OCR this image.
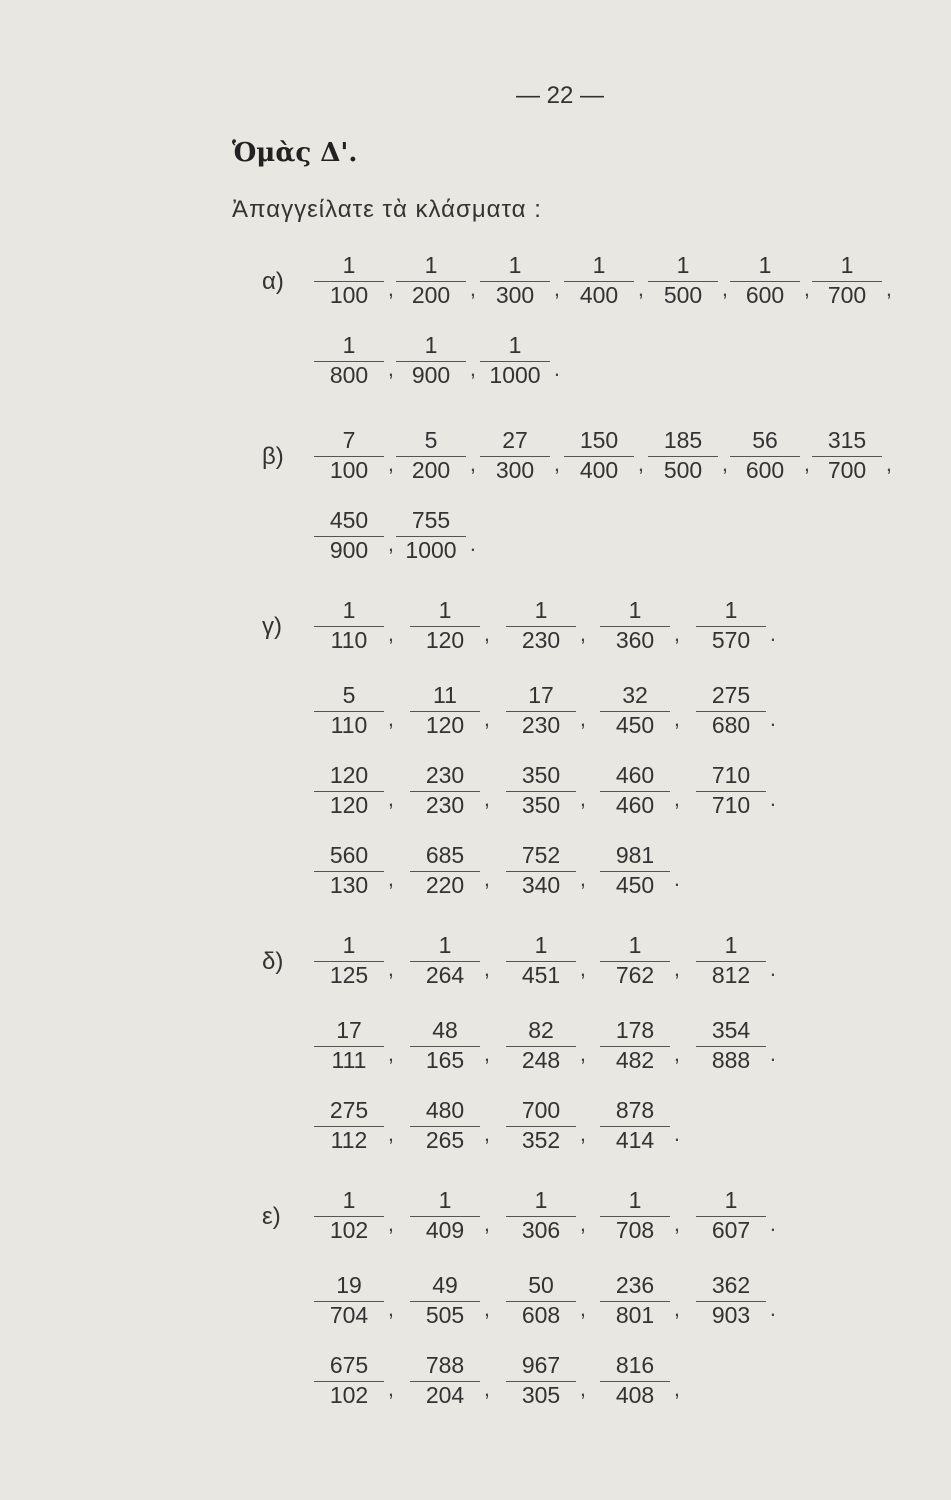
— 22 —
Ὁμὰς Δ'.
Ἀπαγγείλατε τὰ κλάσματα :
α)
1
100 ,
1
200 ,
1
300 ,
1
400 ,
1
500 ,
1
600 ,
1
700 ,
1
800 ,
1
900 ,
1
1000 .
β)
7
100 ,
5
200 ,
27
300 ,
150
400 ,
185
500 ,
56
600 ,
315
700 ,
450
900 ,
755
1000 .
γ)
1
110 ,
1
120 ,
1
230 ,
1
360 ,
1
570 .
5
110 ,
11
120 ,
17
230 ,
32
450 ,
275
680 .
120
120 ,
230
230 ,
350
350 ,
460
460 ,
710
710 .
560
130 ,
685
220 ,
752
340 ,
981
450 .
δ)
1
125 ,
1
264 ,
1
451 ,
1
762 ,
1
812 .
17
111 ,
48
165 ,
82
248 ,
178
482 ,
354
888 .
275
112 ,
480
265 ,
700
352 ,
878
414 .
ε)
1
102 ,
1
409 ,
1
306 ,
1
708 ,
1
607 .
19
704 ,
49
505 ,
50
608 ,
236
801 ,
362
903 .
675
102 ,
788
204 ,
967
305 ,
816
408 ,
